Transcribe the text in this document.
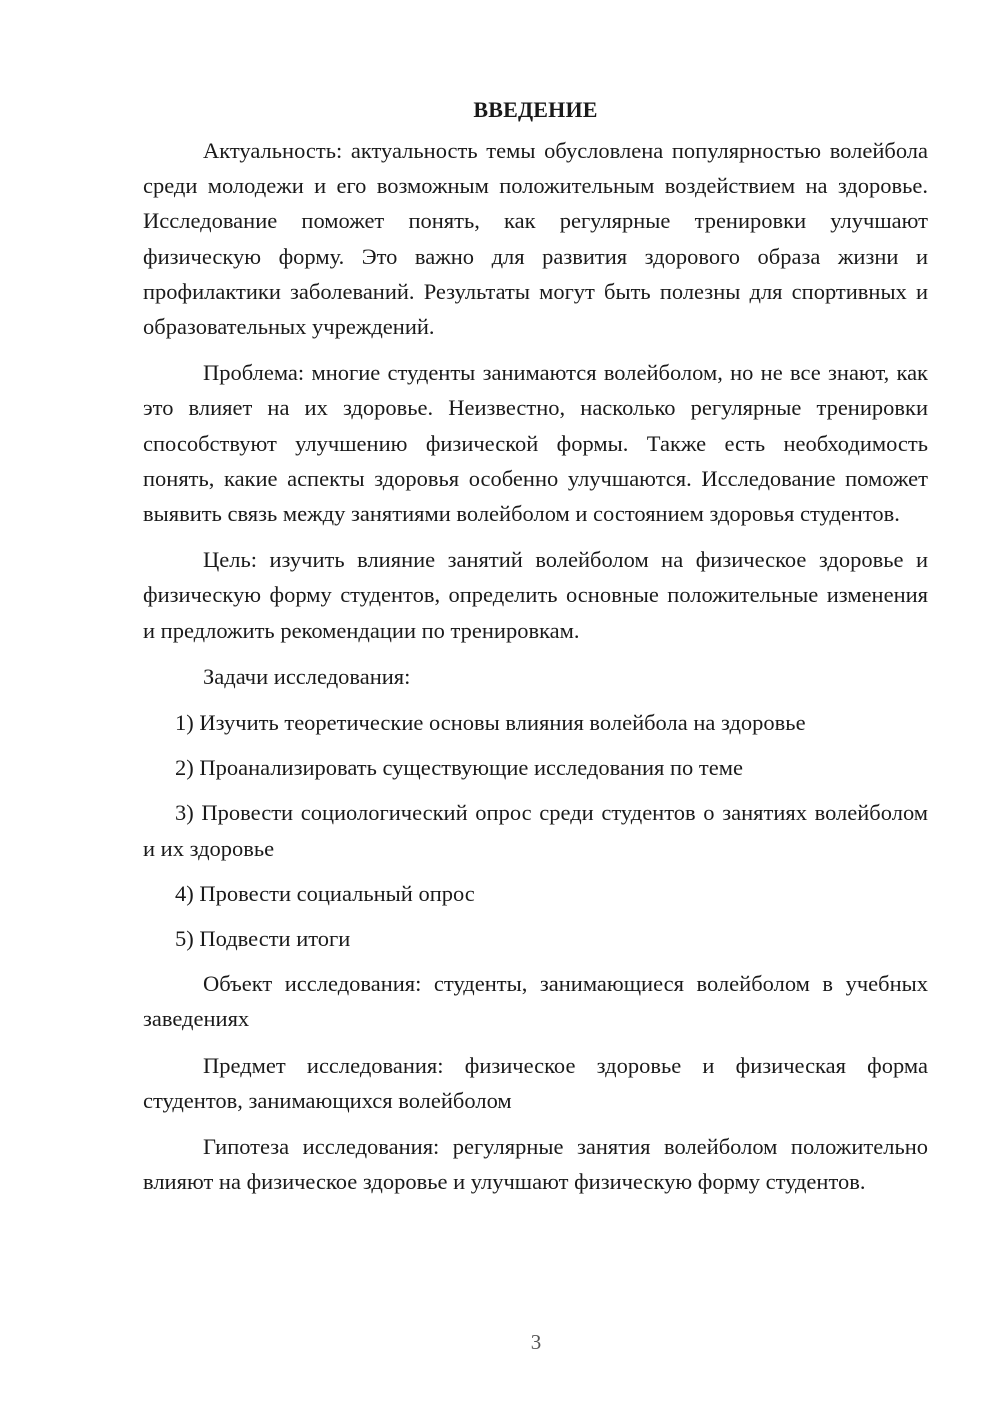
ВВЕДЕНИЕ

Актуальность: актуальность темы обусловлена популярностью волейбола среди молодежи и его возможным положительным воздействием на здоровье. Исследование поможет понять, как регулярные тренировки улучшают физическую форму. Это важно для развития здорового образа жизни и профилактики заболеваний. Результаты могут быть полезны для спортивных и образовательных учреждений.

Проблема: многие студенты занимаются волейболом, но не все знают, как это влияет на их здоровье. Неизвестно, насколько регулярные тренировки способствуют улучшению физической формы. Также есть необходимость понять, какие аспекты здоровья особенно улучшаются. Исследование поможет выявить связь между занятиями волейболом и состоянием здоровья студентов.

Цель: изучить влияние занятий волейболом на физическое здоровье и физическую форму студентов, определить основные положительные изменения и предложить рекомендации по тренировкам.

Задачи исследования:
1) Изучить теоретические основы влияния волейбола на здоровье
2) Проанализировать существующие исследования по теме
3) Провести социологический опрос среди студентов о занятиях волейболом и их здоровье
4) Провести социальный опрос
5) Подвести итоги

Объект исследования: студенты, занимающиеся волейболом в учебных заведениях

Предмет исследования: физическое здоровье и физическая форма студентов, занимающихся волейболом

Гипотеза исследования: регулярные занятия волейболом положительно влияют на физическое здоровье и улучшают физическую форму студентов.

3
